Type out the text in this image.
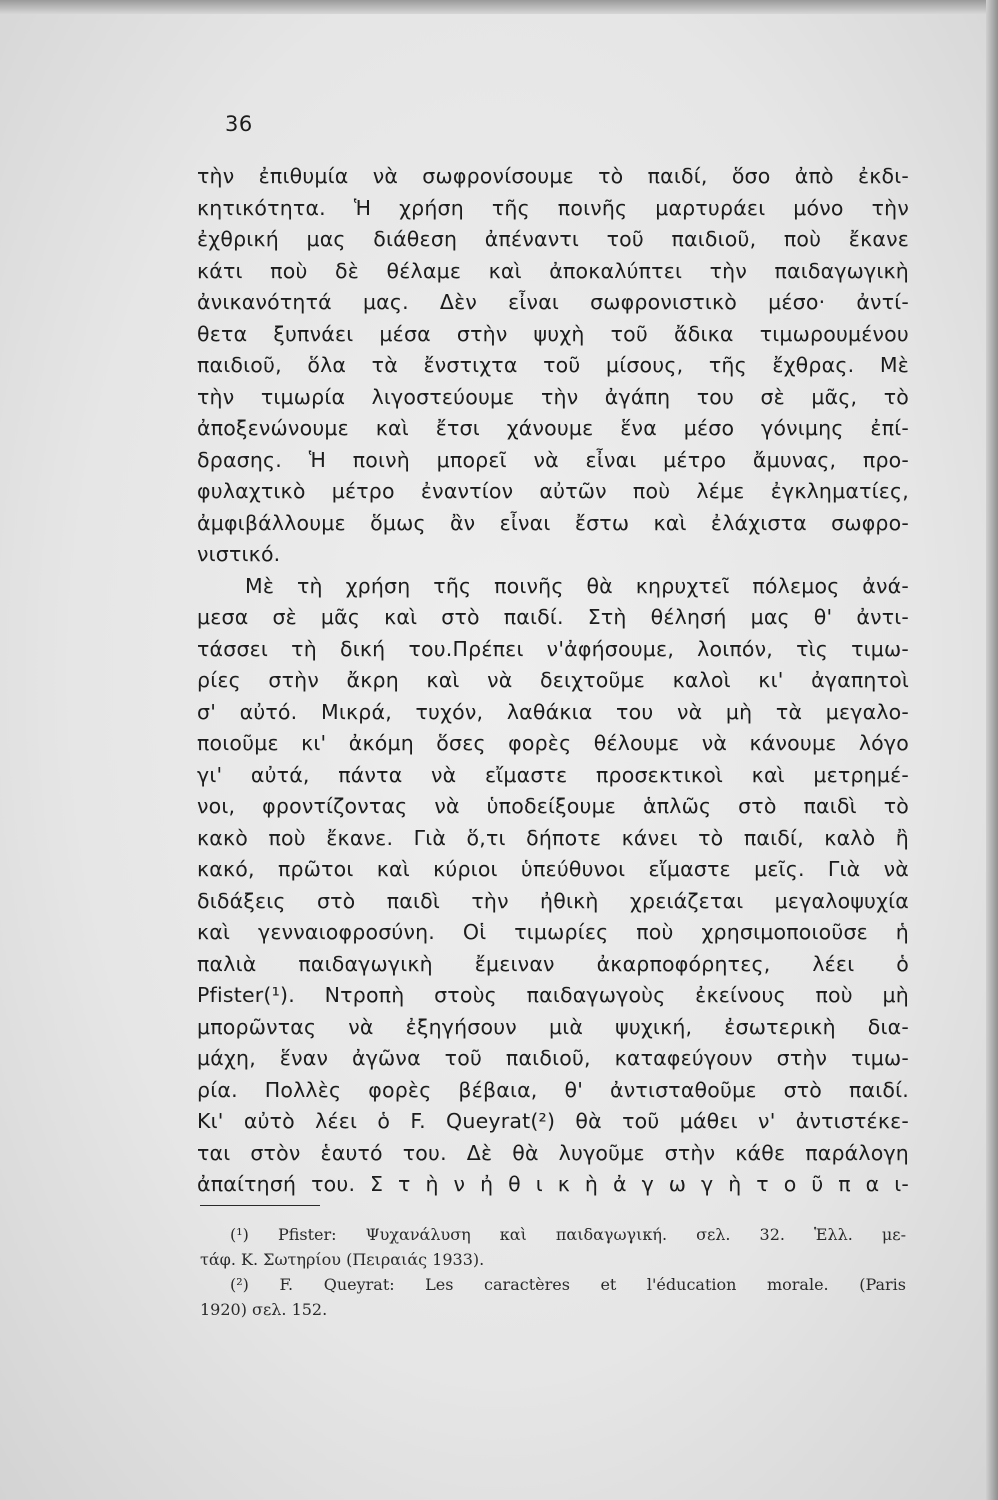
36
τὴν ἐπιθυμία νὰ σωφρονίσουμε τὸ παιδί, ὅσο ἀπὸ ἐκδι-
κητικότητα. Ἡ χρήση τῆς ποινῆς μαρτυράει μόνο τὴν
ἐχθρική μας διάθεση ἀπέναντι τοῦ παιδιοῦ, ποὺ ἔκανε
κάτι ποὺ δὲ θέλαμε καὶ ἀποκαλύπτει τὴν παιδαγωγικὴ
ἀνικανότητά μας. Δὲν εἶναι σωφρονιστικὸ μέσο· ἀντί-
θετα ξυπνάει μέσα στὴν ψυχὴ τοῦ ἄδικα τιμωρουμένου
παιδιοῦ, ὅλα τὰ ἔνστιχτα τοῦ μίσους, τῆς ἔχθρας. Μὲ
τὴν τιμωρία λιγοστεύουμε τὴν ἀγάπη του σὲ μᾶς, τὸ
ἀποξενώνουμε καὶ ἔτσι χάνουμε ἕνα μέσο γόνιμης ἐπί-
δρασης. Ἡ ποινὴ μπορεῖ νὰ εἶναι μέτρο ἄμυνας, προ-
φυλαχτικὸ μέτρο ἐναντίον αὐτῶν ποὺ λέμε ἐγκληματίες,
ἀμφιβάλλουμε ὅμως ἂν εἶναι ἔστω καὶ ἐλάχιστα σωφρο-
νιστικό.
Μὲ τὴ χρήση τῆς ποινῆς θὰ κηρυχτεῖ πόλεμος ἀνά-
μεσα σὲ μᾶς καὶ στὸ παιδί. Στὴ θέλησή μας θ' ἀντι-
τάσσει τὴ δική του.Πρέπει ν'ἀφήσουμε, λοιπόν, τὶς τιμω-
ρίες στὴν ἄκρη καὶ νὰ δειχτοῦμε καλοὶ κι' ἀγαπητοὶ
σ' αὐτό. Μικρά, τυχόν, λαθάκια του νὰ μὴ τὰ μεγαλο-
ποιοῦμε κι' ἀκόμη ὅσες φορὲς θέλουμε νὰ κάνουμε λόγο
γι' αὐτά, πάντα νὰ εἴμαστε προσεκτικοὶ καὶ μετρημέ-
νοι, φροντίζοντας νὰ ὑποδείξουμε ἁπλῶς στὸ παιδὶ τὸ
κακὸ ποὺ ἔκανε. Γιὰ ὅ,τι δήποτε κάνει τὸ παιδί, καλὸ ἢ
κακό, πρῶτοι καὶ κύριοι ὑπεύθυνοι εἴμαστε μεῖς. Γιὰ νὰ
διδάξεις στὸ παιδὶ τὴν ἠθικὴ χρειάζεται μεγαλοψυχία
καὶ γενναιοφροσύνη. Οἱ τιμωρίες ποὺ χρησιμοποιοῦσε ἡ
παλιὰ παιδαγωγικὴ ἔμειναν ἀκαρποφόρητες, λέει ὁ
Pfister(¹). Ντροπὴ στοὺς παιδαγωγοὺς ἐκείνους ποὺ μὴ
μπορῶντας νὰ ἐξηγήσουν μιὰ ψυχική, ἐσωτερικὴ δια-
μάχη, ἕναν ἀγῶνα τοῦ παιδιοῦ, καταφεύγουν στὴν τιμω-
ρία. Πολλὲς φορὲς βέβαια, θ' ἀντισταθοῦμε στὸ παιδί.
Κι' αὐτὸ λέει ὁ F. Queyrat(²) θὰ τοῦ μάθει ν' ἀντιστέκε-
ται στὸν ἑαυτό του. Δὲ θὰ λυγοῦμε στὴν κάθε παράλογη
ἀπαίτησή του. Σ τ ὴ ν ἠ θ ι κ ὴ ἀ γ ω γ ὴ τ ο ῦ π α ι-
(¹) Pfister: Ψυχανάλυση καὶ παιδαγωγική. σελ. 32. Ἑλλ. με-
τάφ. Κ. Σωτηρίου (Πειραιάς 1933).
(²) F. Queyrat: Les caractères et l'éducation morale. (Paris
1920) σελ. 152.
